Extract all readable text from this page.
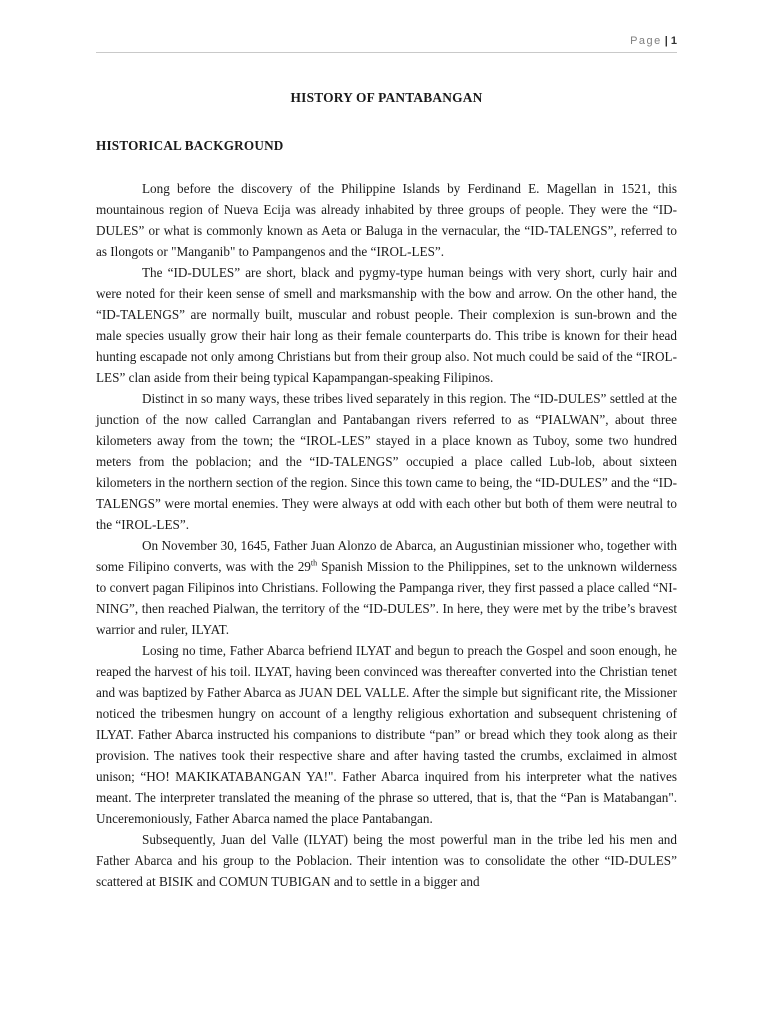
Page | 1
HISTORY OF PANTABANGAN
HISTORICAL BACKGROUND

Long before the discovery of the Philippine Islands by Ferdinand E. Magellan in 1521, this mountainous region of Nueva Ecija was already inhabited by three groups of people. They were the “ID-DULES” or what is commonly known as Aeta or Baluga in the vernacular, the “ID-TALENGS”, referred to as Ilongots or "Manganib" to Pampangenos and the “IROL-LES”.

The “ID-DULES” are short, black and pygmy-type human beings with very short, curly hair and were noted for their keen sense of smell and marksmanship with the bow and arrow. On the other hand, the “ID-TALENGS” are normally built, muscular and robust people. Their complexion is sun-brown and the male species usually grow their hair long as their female counterparts do. This tribe is known for their head hunting escapade not only among Christians but from their group also. Not much could be said of the “IROL-LES” clan aside from their being typical Kapampangan-speaking Filipinos.

Distinct in so many ways, these tribes lived separately in this region. The “ID-DULES” settled at the junction of the now called Carranglan and Pantabangan rivers referred to as “PIALWAN”, about three kilometers away from the town; the “IROL-LES” stayed in a place known as Tuboy, some two hundred meters from the poblacion; and the “ID-TALENGS” occupied a place called Lub-lob, about sixteen kilometers in the northern section of the region. Since this town came to being, the “ID-DULES” and the “ID-TALENGS” were mortal enemies. They were always at odd with each other but both of them were neutral to the “IROL-LES”.

On November 30, 1645, Father Juan Alonzo de Abarca, an Augustinian missioner who, together with some Filipino converts, was with the 29th Spanish Mission to the Philippines, set to the unknown wilderness to convert pagan Filipinos into Christians. Following the Pampanga river, they first passed a place called “NI-NING”, then reached Pialwan, the territory of the “ID-DULES”. In here, they were met by the tribe’s bravest warrior and ruler, ILYAT.

Losing no time, Father Abarca befriend ILYAT and begun to preach the Gospel and soon enough, he reaped the harvest of his toil. ILYAT, having been convinced was thereafter converted into the Christian tenet and was baptized by Father Abarca as JUAN DEL VALLE. After the simple but significant rite, the Missioner noticed the tribesmen hungry on account of a lengthy religious exhortation and subsequent christening of ILYAT. Father Abarca instructed his companions to distribute “pan” or bread which they took along as their provision. The natives took their respective share and after having tasted the crumbs, exclaimed in almost unison; “HO! MAKIKATABANGAN YA!". Father Abarca inquired from his interpreter what the natives meant. The interpreter translated the meaning of the phrase so uttered, that is, that the “Pan is Matabangan". Unceremoniously, Father Abarca named the place Pantabangan.

Subsequently, Juan del Valle (ILYAT) being the most powerful man in the tribe led his men and Father Abarca and his group to the Poblacion. Their intention was to consolidate the other “ID-DULES” scattered at BISIK and COMUN TUBIGAN and to settle in a bigger and
